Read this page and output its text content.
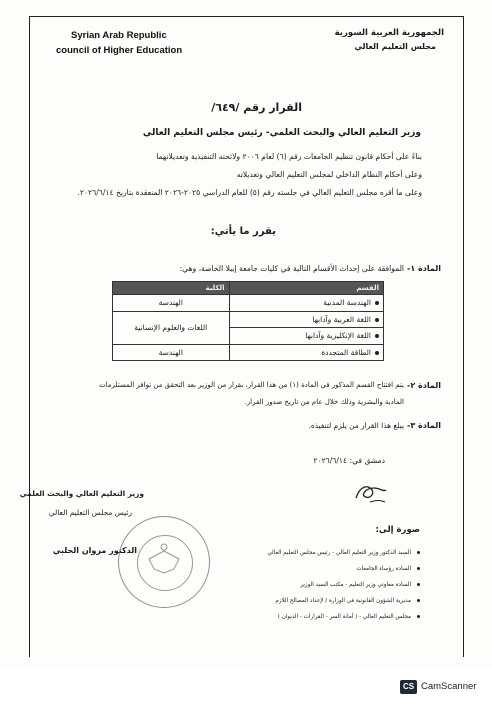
Syrian Arab Republic
council of Higher Education
الجمهورية العربية السورية
مجلس التعليم العالي
القرار رقم /٦٤٩/
وزير التعليم العالي والبحث العلمي- رئيس مجلس التعليم العالي
بناءً على أحكام قانون تنظيم الجامعات رقم (٦) لعام ٢٠٠٦ ولائحته التنفيذية وتعديلاتهما
وعلى أحكام النظام الداخلي لمجلس التعليم العالي وتعديلاته
وعلى ما أقره مجلس التعليم العالي في جلسته رقم (٥) للعام الدراسي ٢٠٢٥-٢٠٢٦ المنعقدة بتاريخ ٢٠٢٦/٦/١٤.
يقرر ما يأتي:
المادة ١-
الموافقة على إحداث الأقسام التالية في كليات جامعة إيبلا الخاصة، وهي:
القسم	الكلية
الهندسة المدنية	الهندسة
اللغة العربية وآدابها	اللغات والعلوم الإنسانية
اللغة الإنكليزية وآدابها	
الطاقة المتجددة	الهندسة
المادة ٢-
يتم افتتاح القسم المذكور في المادة (١) من هذا القرار، بقرار من الوزير بعد التحقق من توافر المستلزمات
المادية والبشرية وذلك خلال عام من تاريخ صدور القرار.
المادة ٣-
يبلغ هذا القرار من يلزم لتنفيذه.
دمشق في: ٢٠٢٦/٦/١٤
وزير التعليم العالي والبحث العلمي
رئيس مجلس التعليم العالي
الدكتور مروان الحلبي
صورة إلى:
السيد الدكتور وزير التعليم العالي - رئيس مجلس التعليم العالي
السادة رؤساء الجامعات
السادة معاوني وزير التعليم - مكتب السيد الوزير
مديرية الشؤون القانونية في الوزارة / لإعداد المصالح اللازم
مجلس التعليم العالي - ( أمانة السر - القرارات - الديوان )
CS CamScanner
